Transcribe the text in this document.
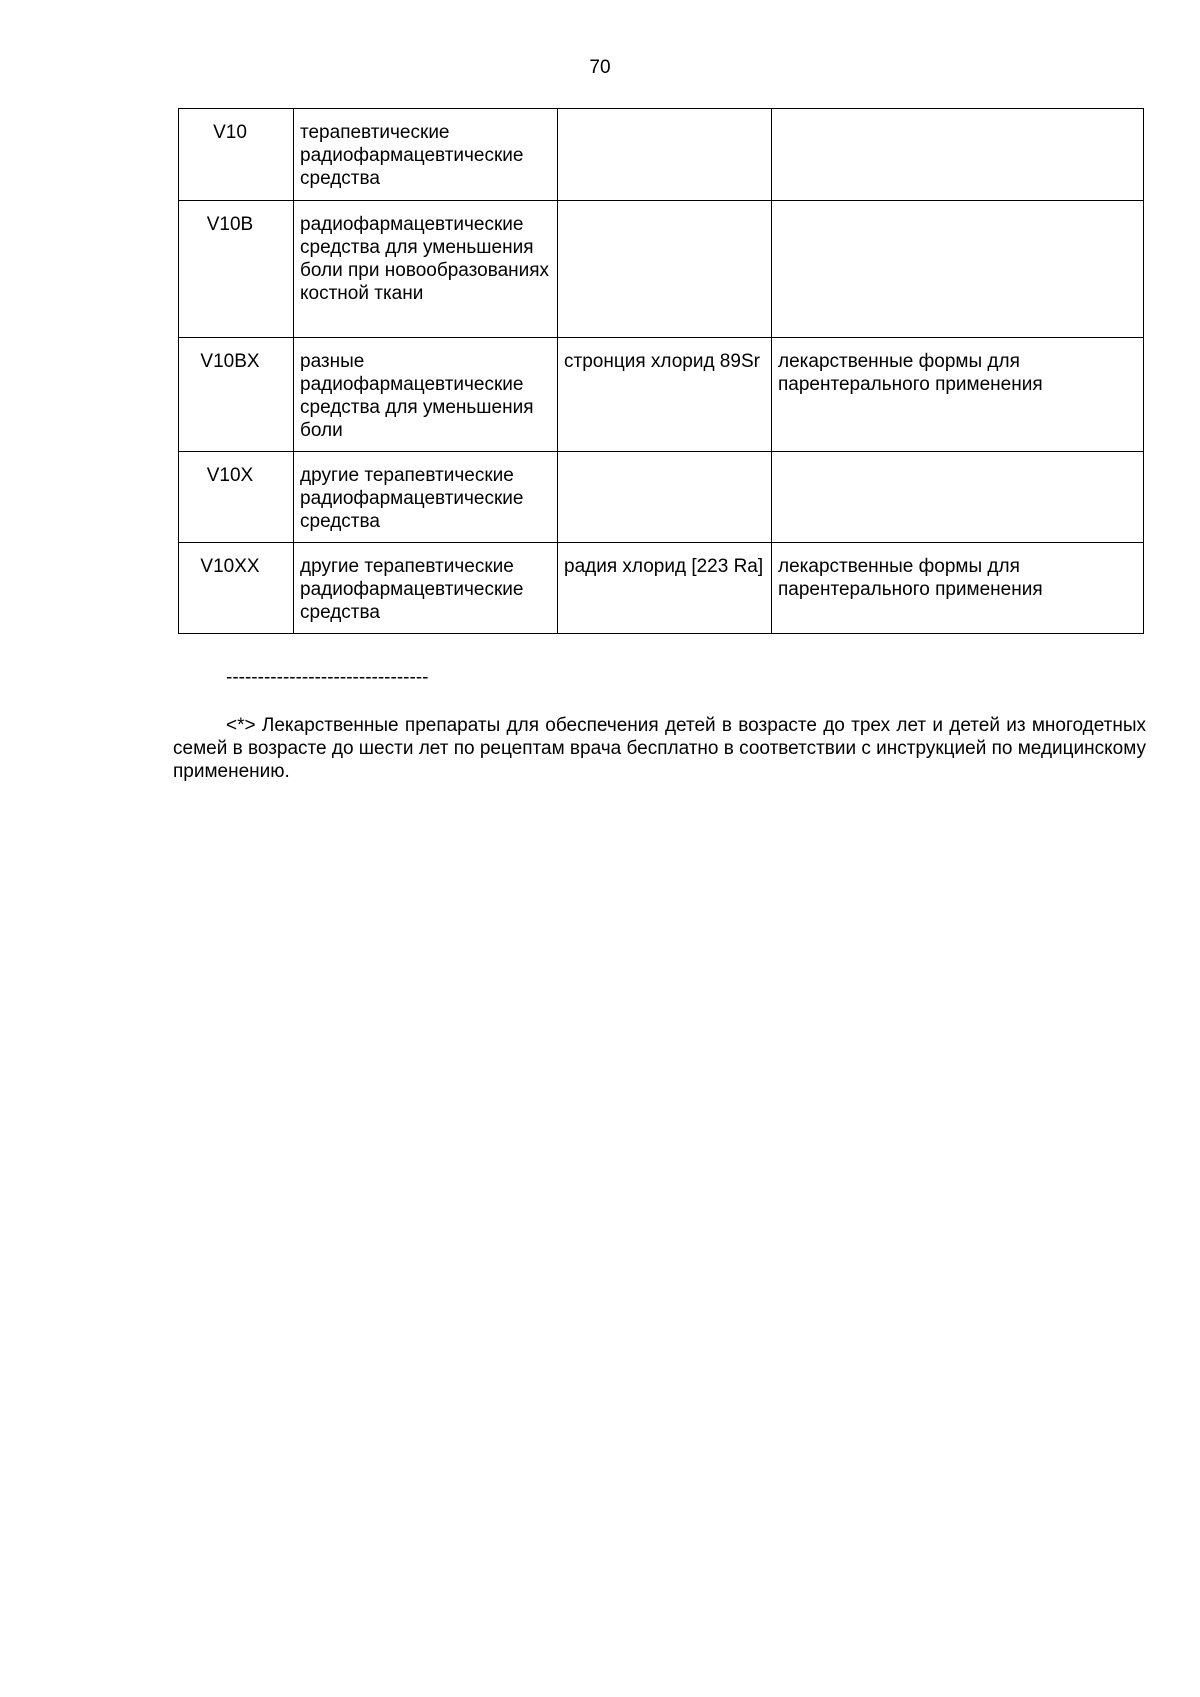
70
V10	терапевтические радиофармацевтические средства		
V10B	радиофармацевтические средства для уменьшения боли при новообразованиях костной ткани		
V10BX	разные радиофармацевтические средства для уменьшения боли	стронция хлорид 89Sr	лекарственные формы для парентерального применения
V10X	другие терапевтические радиофармацевтические средства		
V10XX	другие терапевтические радиофармацевтические средства	радия хлорид [223 Ra]	лекарственные формы для парентерального применения
--------------------------------

<*> Лекарственные препараты для обеспечения детей в возрасте до трех лет и детей из многодетных семей в возрасте до шести лет по рецептам врача бесплатно в соответствии с инструкцией по медицинскому применению.
